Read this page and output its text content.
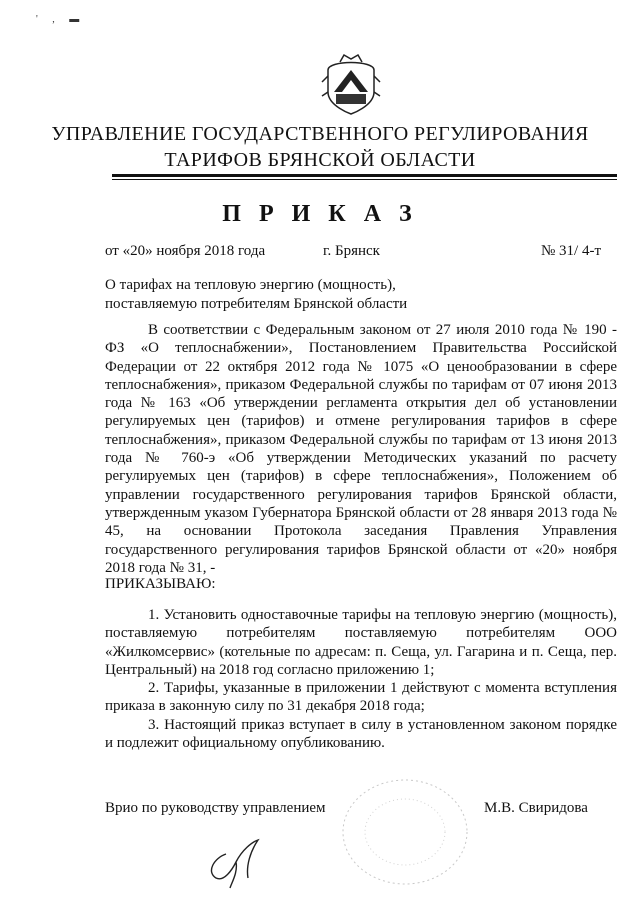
' , ▬
УПРАВЛЕНИЕ ГОСУДАРСТВЕННОГО РЕГУЛИРОВАНИЯ
ТАРИФОВ БРЯНСКОЙ ОБЛАСТИ
П Р И К А З
от «20» ноября 2018 года	г. Брянск	№ 31/ 4-т
О тарифах на тепловую энергию (мощность),
поставляемую потребителям Брянской области

В соответствии с Федеральным законом от 27 июля 2010 года № 190 - ФЗ «О теплоснабжении», Постановлением Правительства Российской Федерации от 22 октября 2012 года № 1075 «О ценообразовании в сфере теплоснабжения», приказом Федеральной службы по тарифам от 07 июня 2013 года № 163 «Об утверждении регламента открытия дел об установлении регулируемых цен (тарифов) и отмене регулирования тарифов в сфере теплоснабжения», приказом Федеральной службы по тарифам от 13 июня 2013 года № 760-э «Об утверждении Методических указаний по расчету регулируемых цен (тарифов) в сфере теплоснабжения», Положением об управлении государственного регулирования тарифов Брянской области, утвержденным указом Губернатора Брянской области от 28 января 2013 года № 45, на основании Протокола заседания Правления Управления государственного регулирования тарифов Брянской области от «20» ноября 2018 года № 31, -

ПРИКАЗЫВАЮ:

1. Установить одноставочные тарифы на тепловую энергию (мощность), поставляемую потребителям поставляемую потребителям ООО «Жилкомсервис» (котельные по адресам: п. Сеща, ул. Гагарина и п. Сеща, пер. Центральный) на 2018 год согласно приложению 1;

2. Тарифы, указанные в приложении 1 действуют с момента вступления приказа в законную силу по 31 декабря 2018 года;

3. Настоящий приказ вступает в силу в установленном законом порядке и подлежит официальному опубликованию.

Врио по руководству управлением	М.В. Свиридова
